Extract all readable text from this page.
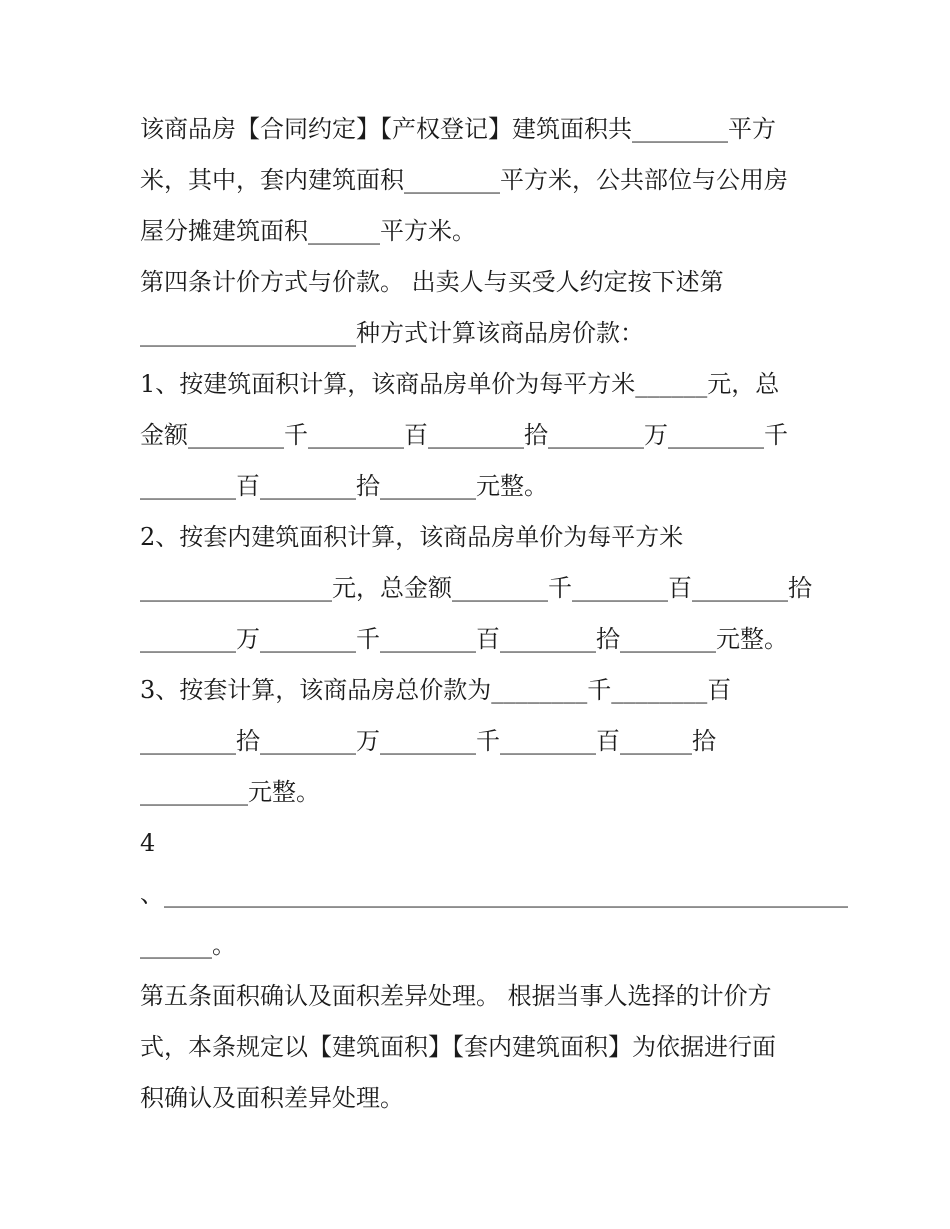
该商品房【合同约定】【产权登记】建筑面积共________平方
米，其中，套内建筑面积________平方米，公共部位与公用房
屋分摊建筑面积______平方米。
第四条计价方式与价款。 出卖人与买受人约定按下述第
__________________种方式计算该商品房价款：
1、按建筑面积计算，该商品房单价为每平方米______元，总
金额________千________百________拾________万________千
________百________拾________元整。
2、按套内建筑面积计算，该商品房单价为每平方米
________________元，总金额________千________百________拾
________万________千________百________拾________元整。
3、按套计算，该商品房总价款为________千________百
________拾________万________千________百______拾
_________元整。
4
、_________________________________________________________
______。
第五条面积确认及面积差异处理。 根据当事人选择的计价方
式，本条规定以【建筑面积】【套内建筑面积】为依据进行面
积确认及面积差异处理。
